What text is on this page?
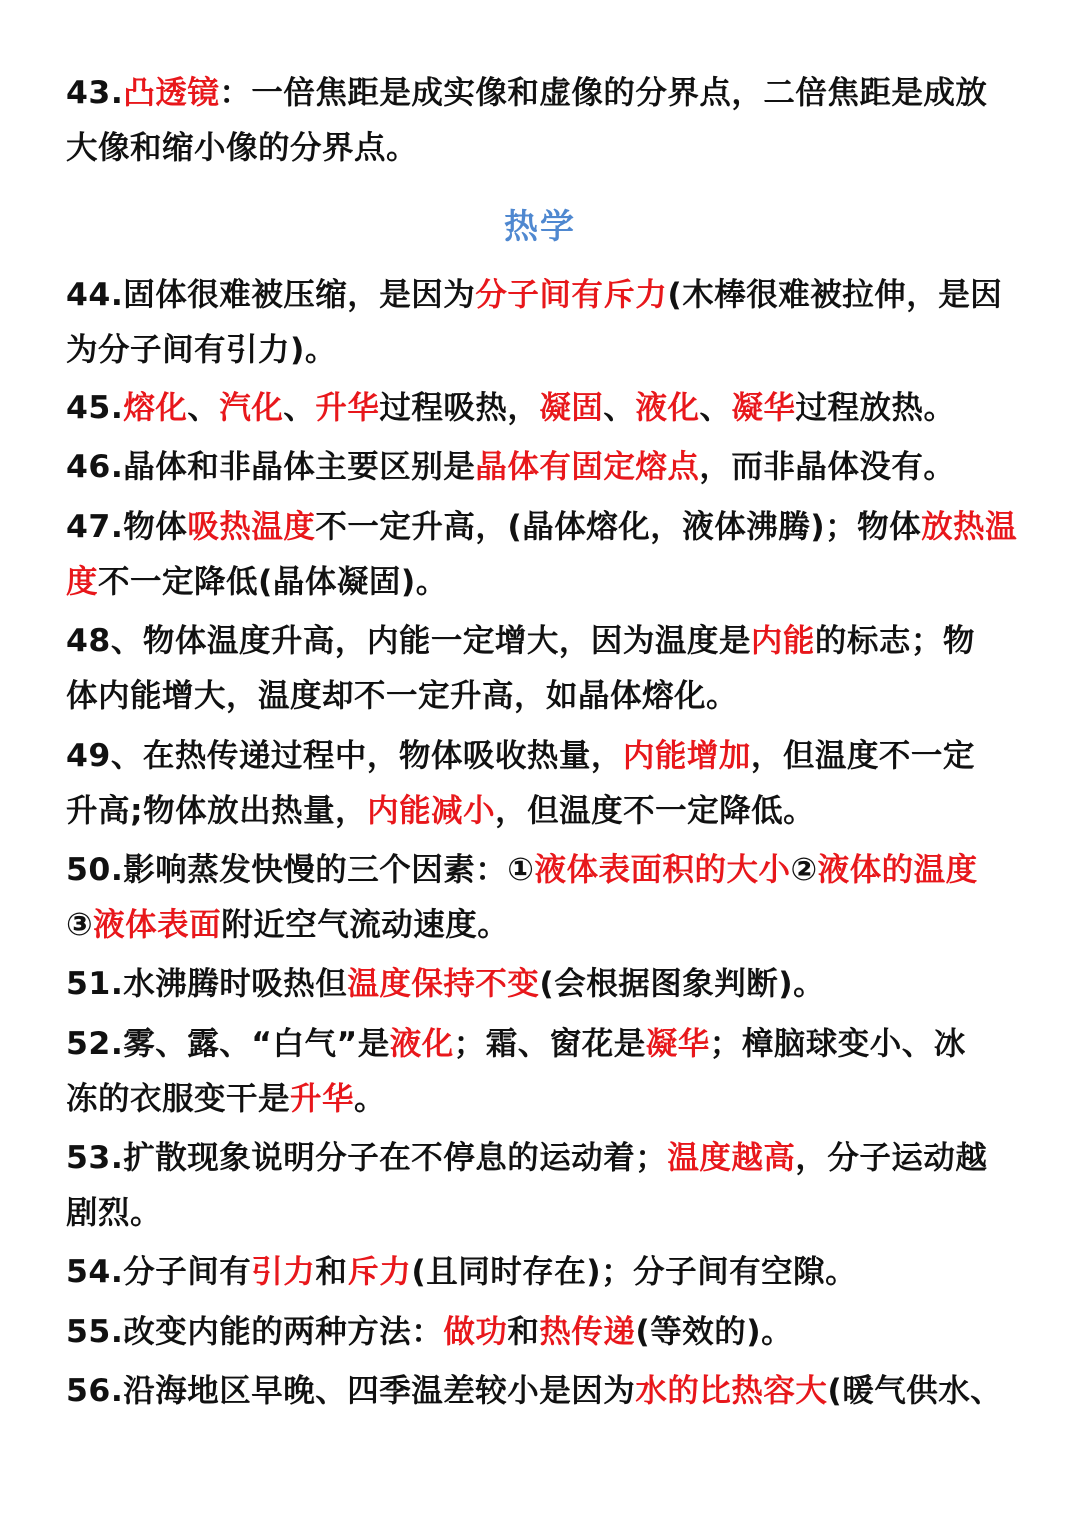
43.凸透镜：一倍焦距是成实像和虚像的分界点，二倍焦距是成放
大像和缩小像的分界点。
热学
44.固体很难被压缩，是因为分子间有斥力(木棒很难被拉伸，是因
为分子间有引力)。
45.熔化、汽化、升华过程吸热，凝固、液化、凝华过程放热。
46.晶体和非晶体主要区别是晶体有固定熔点，而非晶体没有。
47.物体吸热温度不一定升高，(晶体熔化，液体沸腾)；物体放热温
度不一定降低(晶体凝固)。
48、物体温度升高，内能一定增大，因为温度是内能的标志；物
体内能增大，温度却不一定升高，如晶体熔化。
49、在热传递过程中，物体吸收热量，内能增加，但温度不一定
升高;物体放出热量，内能减小，但温度不一定降低。
50.影响蒸发快慢的三个因素：①液体表面积的大小②液体的温度
③液体表面附近空气流动速度。
51.水沸腾时吸热但温度保持不变(会根据图象判断)。
52.雾、露、“白气”是液化；霜、窗花是凝华；樟脑球变小、冰
冻的衣服变干是升华。
53.扩散现象说明分子在不停息的运动着；温度越高，分子运动越
剧烈。
54.分子间有引力和斥力(且同时存在)；分子间有空隙。
55.改变内能的两种方法：做功和热传递(等效的)。
56.沿海地区早晚、四季温差较小是因为水的比热容大(暖气供水、
